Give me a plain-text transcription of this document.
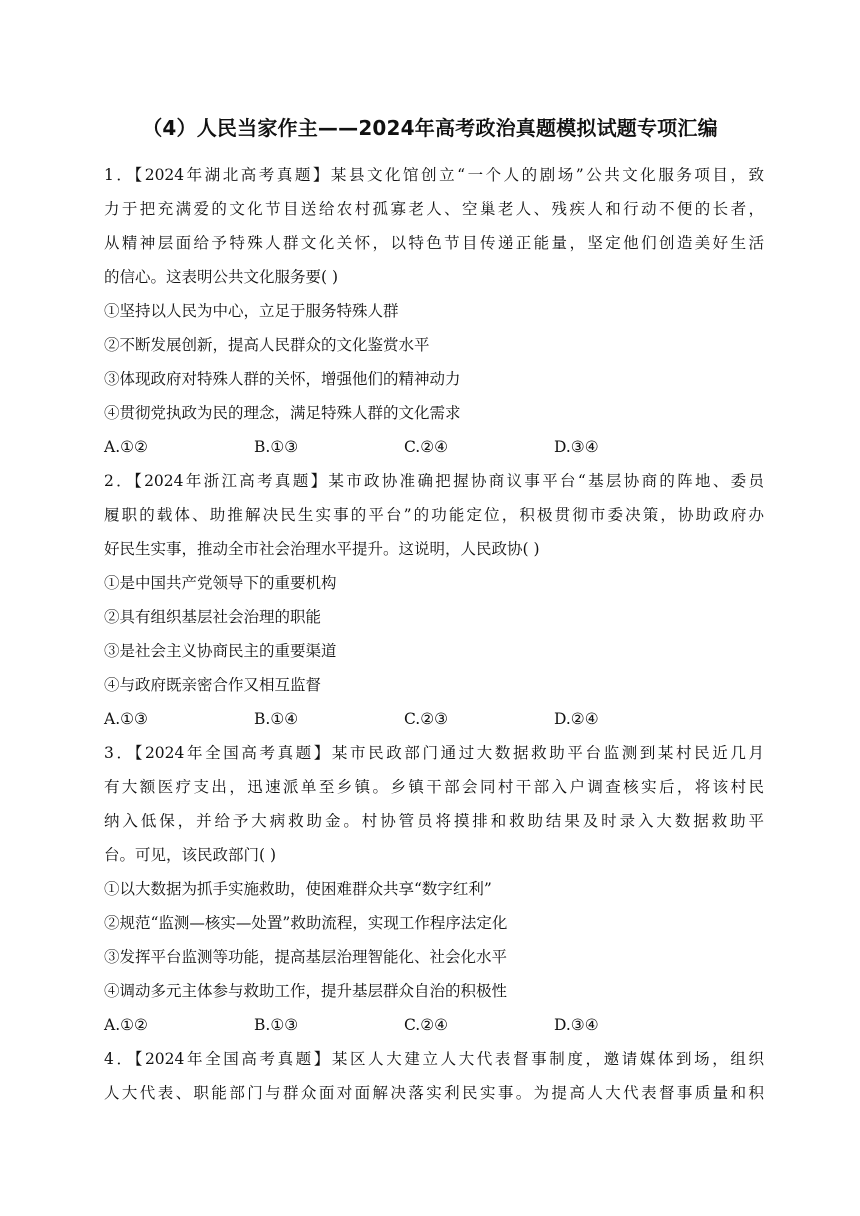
（4）人民当家作主——2024年高考政治真题模拟试题专项汇编
1．【2024年湖北高考真题】某县文化馆创立“一个人的剧场”公共文化服务项目，致
力于把充满爱的文化节目送给农村孤寡老人、空巢老人、残疾人和行动不便的长者，
从精神层面给予特殊人群文化关怀，以特色节目传递正能量，坚定他们创造美好生活
的信心。这表明公共文化服务要( )
①坚持以人民为中心，立足于服务特殊人群
②不断发展创新，提高人民群众的文化鉴赏水平
③体现政府对特殊人群的关怀，增强他们的精神动力
④贯彻党执政为民的理念，满足特殊人群的文化需求
A.①②	B.①③	C.②④	D.③④
2．【2024年浙江高考真题】某市政协准确把握协商议事平台“基层协商的阵地、委员
履职的载体、助推解决民生实事的平台”的功能定位，积极贯彻市委决策，协助政府办
好民生实事，推动全市社会治理水平提升。这说明，人民政协( )
①是中国共产党领导下的重要机构
②具有组织基层社会治理的职能
③是社会主义协商民主的重要渠道
④与政府既亲密合作又相互监督
A.①③	B.①④	C.②③	D.②④
3．【2024年全国高考真题】某市民政部门通过大数据救助平台监测到某村民近几月
有大额医疗支出，迅速派单至乡镇。乡镇干部会同村干部入户调查核实后，将该村民
纳入低保，并给予大病救助金。村协管员将摸排和救助结果及时录入大数据救助平
台。可见，该民政部门( )
①以大数据为抓手实施救助，使困难群众共享“数字红利”
②规范“监测—核实—处置”救助流程，实现工作程序法定化
③发挥平台监测等功能，提高基层治理智能化、社会化水平
④调动多元主体参与救助工作，提升基层群众自治的积极性
A.①②	B.①③	C.②④	D.③④
4．【2024年全国高考真题】某区人大建立人大代表督事制度，邀请媒体到场，组织
人大代表、职能部门与群众面对面解决落实利民实事。为提高人大代表督事质量和积
